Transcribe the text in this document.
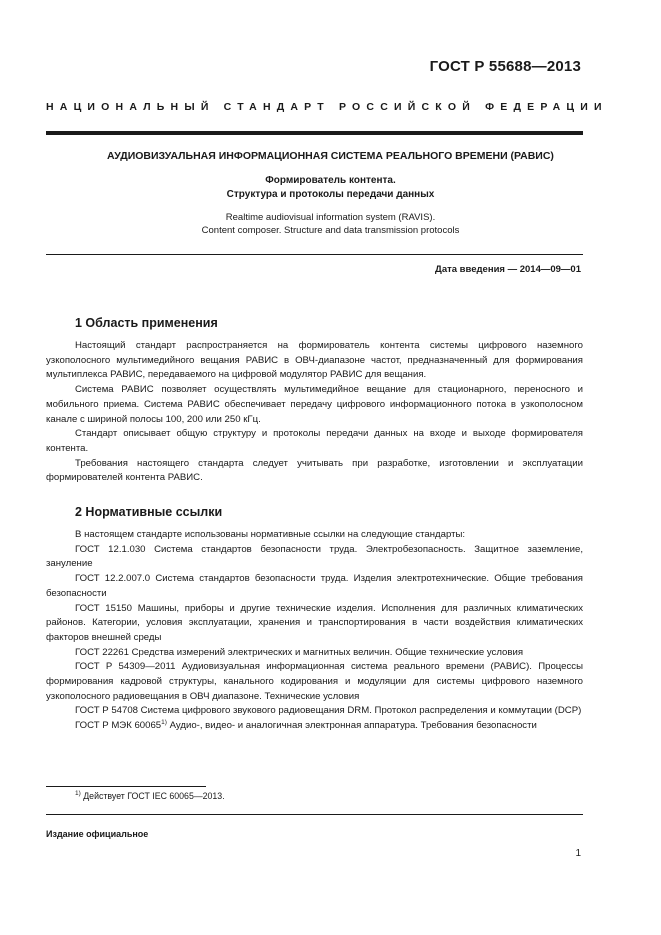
ГОСТ Р 55688—2013
НАЦИОНАЛЬНЫЙ СТАНДАРТ РОССИЙСКОЙ ФЕДЕРАЦИИ
АУДИОВИЗУАЛЬНАЯ ИНФОРМАЦИОННАЯ СИСТЕМА РЕАЛЬНОГО ВРЕМЕНИ (РАВИС)
Формирователь контента.
Структура и протоколы передачи данных
Realtime audiovisual information system (RAVIS).
Content composer. Structure and data transmission protocols
Дата введения — 2014—09—01
1 Область применения

Настоящий стандарт распространяется на формирователь контента системы цифрового наземного узкополосного мультимедийного вещания РАВИС в ОВЧ-диапазоне частот, предназначенный для формирования мультиплекса РАВИС, передаваемого на цифровой модулятор РАВИС для вещания.

Система РАВИС позволяет осуществлять мультимедийное вещание для стационарного, переносного и мобильного приема. Система РАВИС обеспечивает передачу цифрового информационного потока в узкополосном канале с шириной полосы 100, 200 или 250 кГц.

Стандарт описывает общую структуру и протоколы передачи данных на входе и выходе формирователя контента.

Требования настоящего стандарта следует учитывать при разработке, изготовлении и эксплуатации формирователей контента РАВИС.

2 Нормативные ссылки

В настоящем стандарте использованы нормативные ссылки на следующие стандарты:

ГОСТ 12.1.030 Система стандартов безопасности труда. Электробезопасность. Защитное заземление, зануление

ГОСТ 12.2.007.0 Система стандартов безопасности труда. Изделия электротехнические. Общие требования безопасности

ГОСТ 15150 Машины, приборы и другие технические изделия. Исполнения для различных климатических районов. Категории, условия эксплуатации, хранения и транспортирования в части воздействия климатических факторов внешней среды

ГОСТ 22261 Средства измерений электрических и магнитных величин. Общие технические условия

ГОСТ Р 54309—2011 Аудиовизуальная информационная система реального времени (РАВИС). Процессы формирования кадровой структуры, канального кодирования и модуляции для системы цифрового наземного узкополосного радиовещания в ОВЧ диапазоне. Технические условия

ГОСТ Р 54708 Система цифрового звукового радиовещания DRM. Протокол распределения и коммутации (DCP)

ГОСТ Р МЭК 60065$^{1)}$ Аудио-, видео- и аналогичная электронная аппаратура. Требования безопасности

$^{1)}$ Действует ГОСТ IEC 60065—2013.
Издание официальное
1
